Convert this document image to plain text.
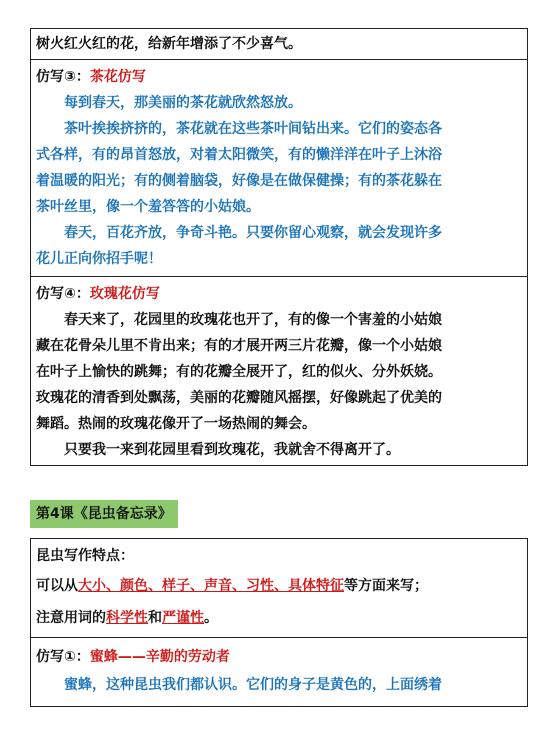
树火红火红的花，给新年增添了不少喜气。
仿写③：茶花仿写
每到春天，那美丽的茶花就欣然怒放。
茶叶挨挨挤挤的，茶花就在这些茶叶间钻出来。它们的姿态各
式各样，有的昂首怒放，对着太阳微笑，有的懒洋洋在叶子上沐浴
着温暖的阳光；有的侧着脑袋，好像是在做保健操；有的茶花躲在
茶叶丝里，像一个羞答答的小姑娘。
春天，百花齐放，争奇斗艳。只要你留心观察，就会发现许多
花儿正向你招手呢！
仿写④：玫瑰花仿写
春天来了，花园里的玫瑰花也开了，有的像一个害羞的小姑娘
藏在花骨朵儿里不肯出来；有的才展开两三片花瓣，像一个小姑娘
在叶子上愉快的跳舞；有的花瓣全展开了，红的似火、分外妖娆。
玫瑰花的清香到处飘荡，美丽的花瓣随风摇摆，好像跳起了优美的
舞蹈。热闹的玫瑰花像开了一场热闹的舞会。
只要我一来到花园里看到玫瑰花，我就舍不得离开了。
第4课《昆虫备忘录》
昆虫写作特点：
可以从大小、颜色、样子、声音、习性、具体特征等方面来写；
注意用词的科学性和严谨性。
仿写①：蜜蜂——辛勤的劳动者
蜜蜂，这种昆虫我们都认识。它们的身子是黄色的，上面绣着
